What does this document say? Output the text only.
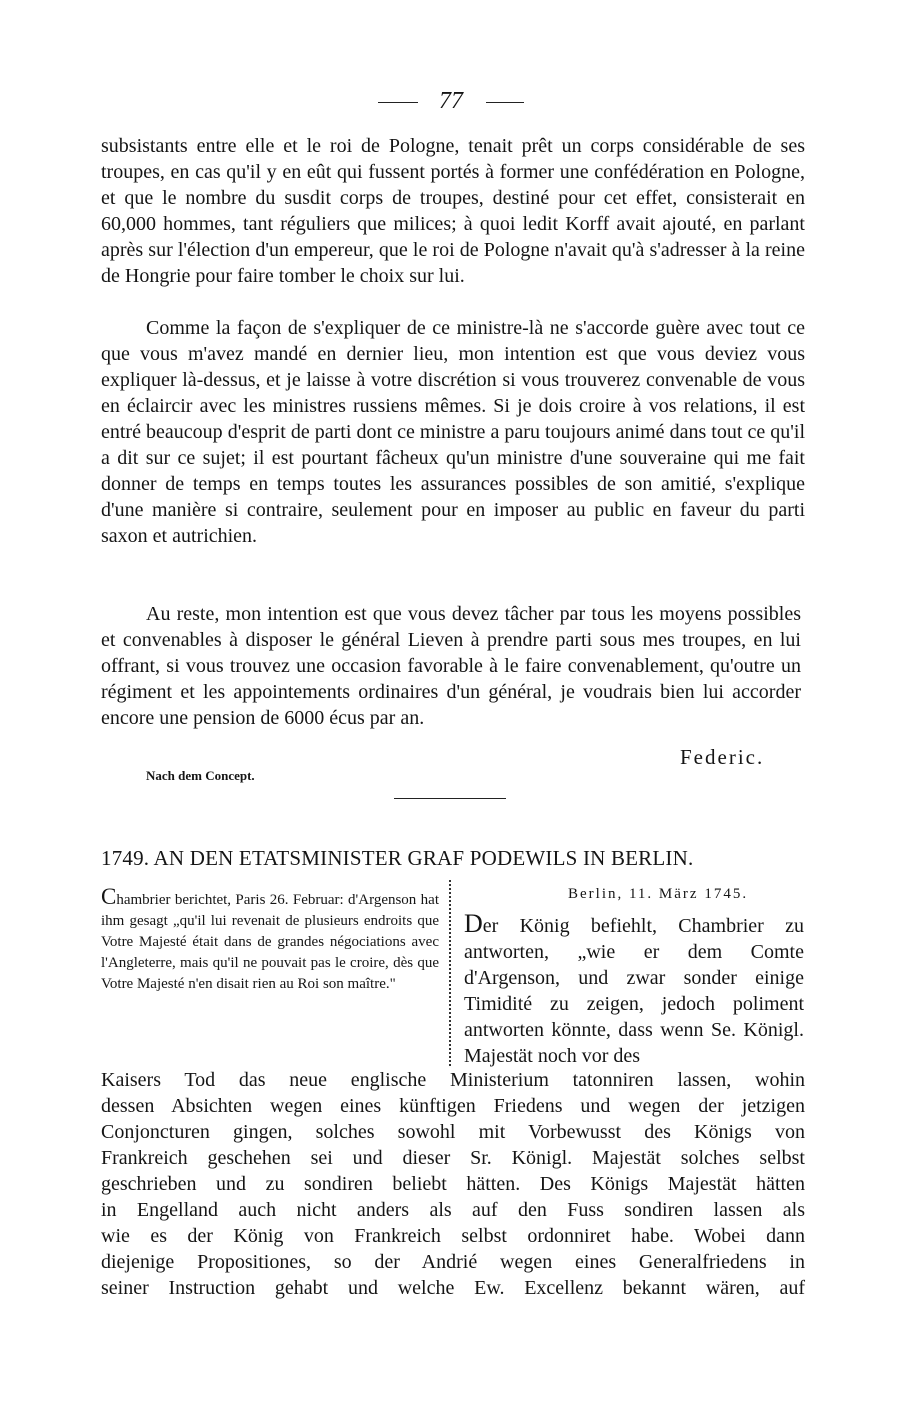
77

subsistants entre elle et le roi de Pologne, tenait prêt un corps considérable de ses troupes, en cas qu'il y en eût qui fussent portés à former une confédération en Pologne, et que le nombre du susdit corps de troupes, destiné pour cet effet, consisterait en 60,000 hommes, tant réguliers que milices; à quoi ledit Korff avait ajouté, en parlant après sur l'élection d'un empereur, que le roi de Pologne n'avait qu'à s'adresser à la reine de Hongrie pour faire tomber le choix sur lui.

Comme la façon de s'expliquer de ce ministre-là ne s'accorde guère avec tout ce que vous m'avez mandé en dernier lieu, mon intention est que vous deviez vous expliquer là-dessus, et je laisse à votre discrétion si vous trouverez convenable de vous en éclaircir avec les ministres russiens mêmes. Si je dois croire à vos relations, il est entré beaucoup d'esprit de parti dont ce ministre a paru toujours animé dans tout ce qu'il a dit sur ce sujet; il est pourtant fâcheux qu'un ministre d'une souveraine qui me fait donner de temps en temps toutes les assurances possibles de son amitié, s'explique d'une manière si contraire, seulement pour en imposer au public en faveur du parti saxon et autrichien.

Au reste, mon intention est que vous devez tâcher par tous les moyens possibles et convenables à disposer le général Lieven à prendre parti sous mes troupes, en lui offrant, si vous trouvez une occasion favorable à le faire convenablement, qu'outre un régiment et les appointements ordinaires d'un général, je voudrais bien lui accorder encore une pension de 6000 écus par an.

Federic.
Nach dem Concept.
1749. AN DEN ETATSMINISTER GRAF PODEWILS IN BERLIN.
Chambrier berichtet, Paris 26. Februar: d'Argenson hat ihm gesagt „qu'il lui revenait de plusieurs endroits que Votre Majesté était dans de grandes négociations avec l'Angleterre, mais qu'il ne pouvait pas le croire, dès que Votre Majesté n'en disait rien au Roi son maître."
Berlin, 11. März 1745.
Der König befiehlt, Chambrier zu antworten, „wie er dem Comte d'Argenson, und zwar sonder einige Timidité zu zeigen, jedoch poliment antworten könnte, dass wenn Se. Königl. Majestät noch vor des
Kaisers Tod das neue englische Ministerium tatonniren lassen, wohin
dessen Absichten wegen eines künftigen Friedens und wegen der jetzigen
Conjoncturen gingen, solches sowohl mit Vorbewusst des Königs von
Frankreich geschehen sei und dieser Sr. Königl. Majestät solches selbst
geschrieben und zu sondiren beliebt hätten. Des Königs Majestät hätten
in Engelland auch nicht anders als auf den Fuss sondiren lassen als
wie es der König von Frankreich selbst ordonniret habe. Wobei dann
diejenige Propositiones, so der Andrié wegen eines Generalfriedens in
seiner Instruction gehabt und welche Ew. Excellenz bekannt wären, auf
